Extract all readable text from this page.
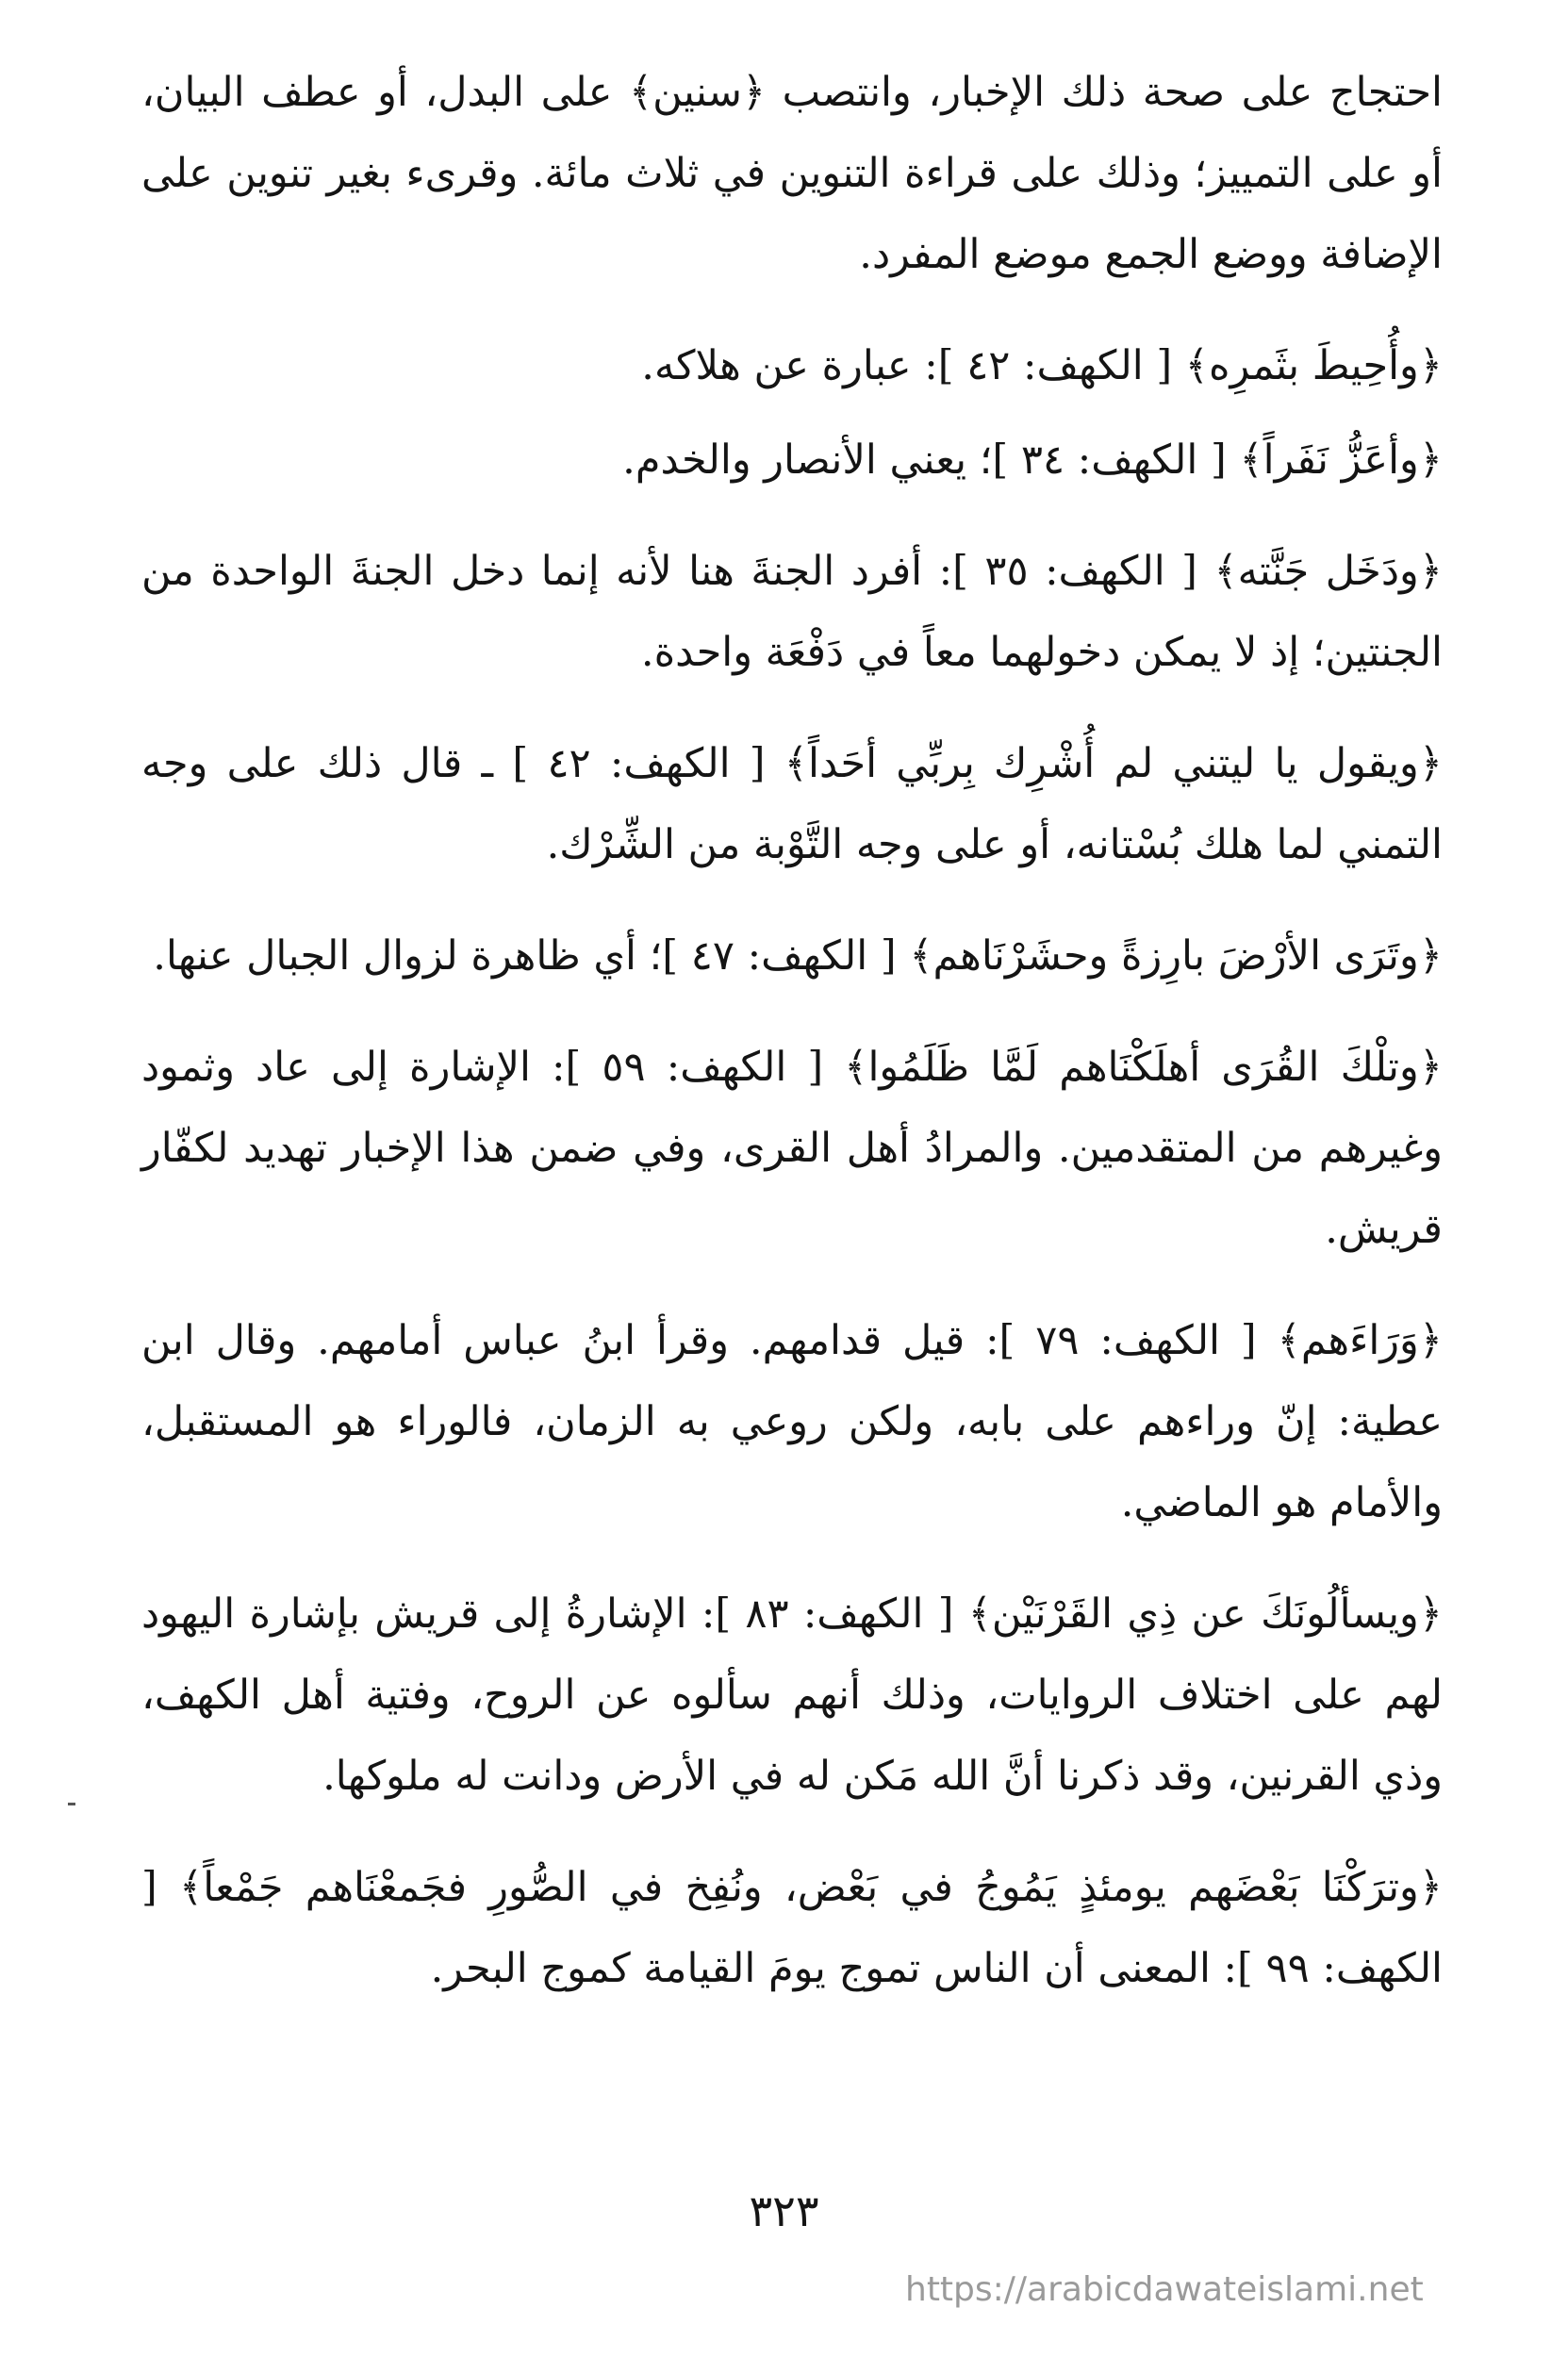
احتجاج على صحة ذلك الإخبار، وانتصب ﴿سنين﴾ على البدل، أو عطف البيان، أو على التمييز؛ وذلك على قراءة التنوين في ثلاث مائة. وقرىء بغير تنوين على الإضافة ووضع الجمع موضع المفرد.

﴿وأُحِيطَ بثَمرِه﴾ [ الكهف: ٤٢ ]: عبارة عن هلاكه.

﴿وأعَزُّ نَفَراً﴾ [ الكهف: ٣٤ ]؛ يعني الأنصار والخدم.

﴿ودَخَل جَنَّته﴾ [ الكهف: ٣٥ ]: أفرد الجنةَ هنا لأنه إنما دخل الجنةَ الواحدة من الجنتين؛ إذ لا يمكن دخولهما معاً في دَفْعَة واحدة.

﴿ويقول يا ليتني لم أُشْرِك بِربِّي أحَداً﴾ [ الكهف: ٤٢ ] ـ قال ذلك على وجه التمني لما هلك بُسْتانه، أو على وجه التَّوْبة من الشِّرْك.

﴿وتَرَى الأرْضَ بارِزةً وحشَرْنَاهم﴾ [ الكهف: ٤٧ ]؛ أي ظاهرة لزوال الجبال عنها.

﴿وتلْكَ القُرَى أهلَكْنَاهم لَمَّا ظَلَمُوا﴾ [ الكهف: ٥٩ ]: الإشارة إلى عاد وثمود وغيرهم من المتقدمين. والمرادُ أهل القرى، وفي ضمن هذا الإخبار تهديد لكفّار قريش.

﴿وَرَاءَهم﴾ [ الكهف: ٧٩ ]: قيل قدامهم. وقرأ ابنُ عباس أمامهم. وقال ابن عطية: إنّ وراءهم على بابه، ولكن روعي به الزمان، فالوراء هو المستقبل، والأمام هو الماضي.

﴿ويسألُونَكَ عن ذِي القَرْنَيْن﴾ [ الكهف: ٨٣ ]: الإشارةُ إلى قريش بإشارة اليهود لهم على اختلاف الروايات، وذلك أنهم سألوه عن الروح، وفتية أهل الكهف، وذي القرنين، وقد ذكرنا أنَّ الله مَكن له في الأرض ودانت له ملوكها.

﴿وترَكْنَا بَعْضَهم يومئذٍ يَمُوجُ في بَعْض، ونُفِخ في الصُّورِ فجَمعْنَاهم جَمْعاً﴾ [ الكهف: ٩٩ ]: المعنى أن الناس تموج يومَ القيامة كموج البحر.

٣٢٣
https://arabicdawateislami.net
